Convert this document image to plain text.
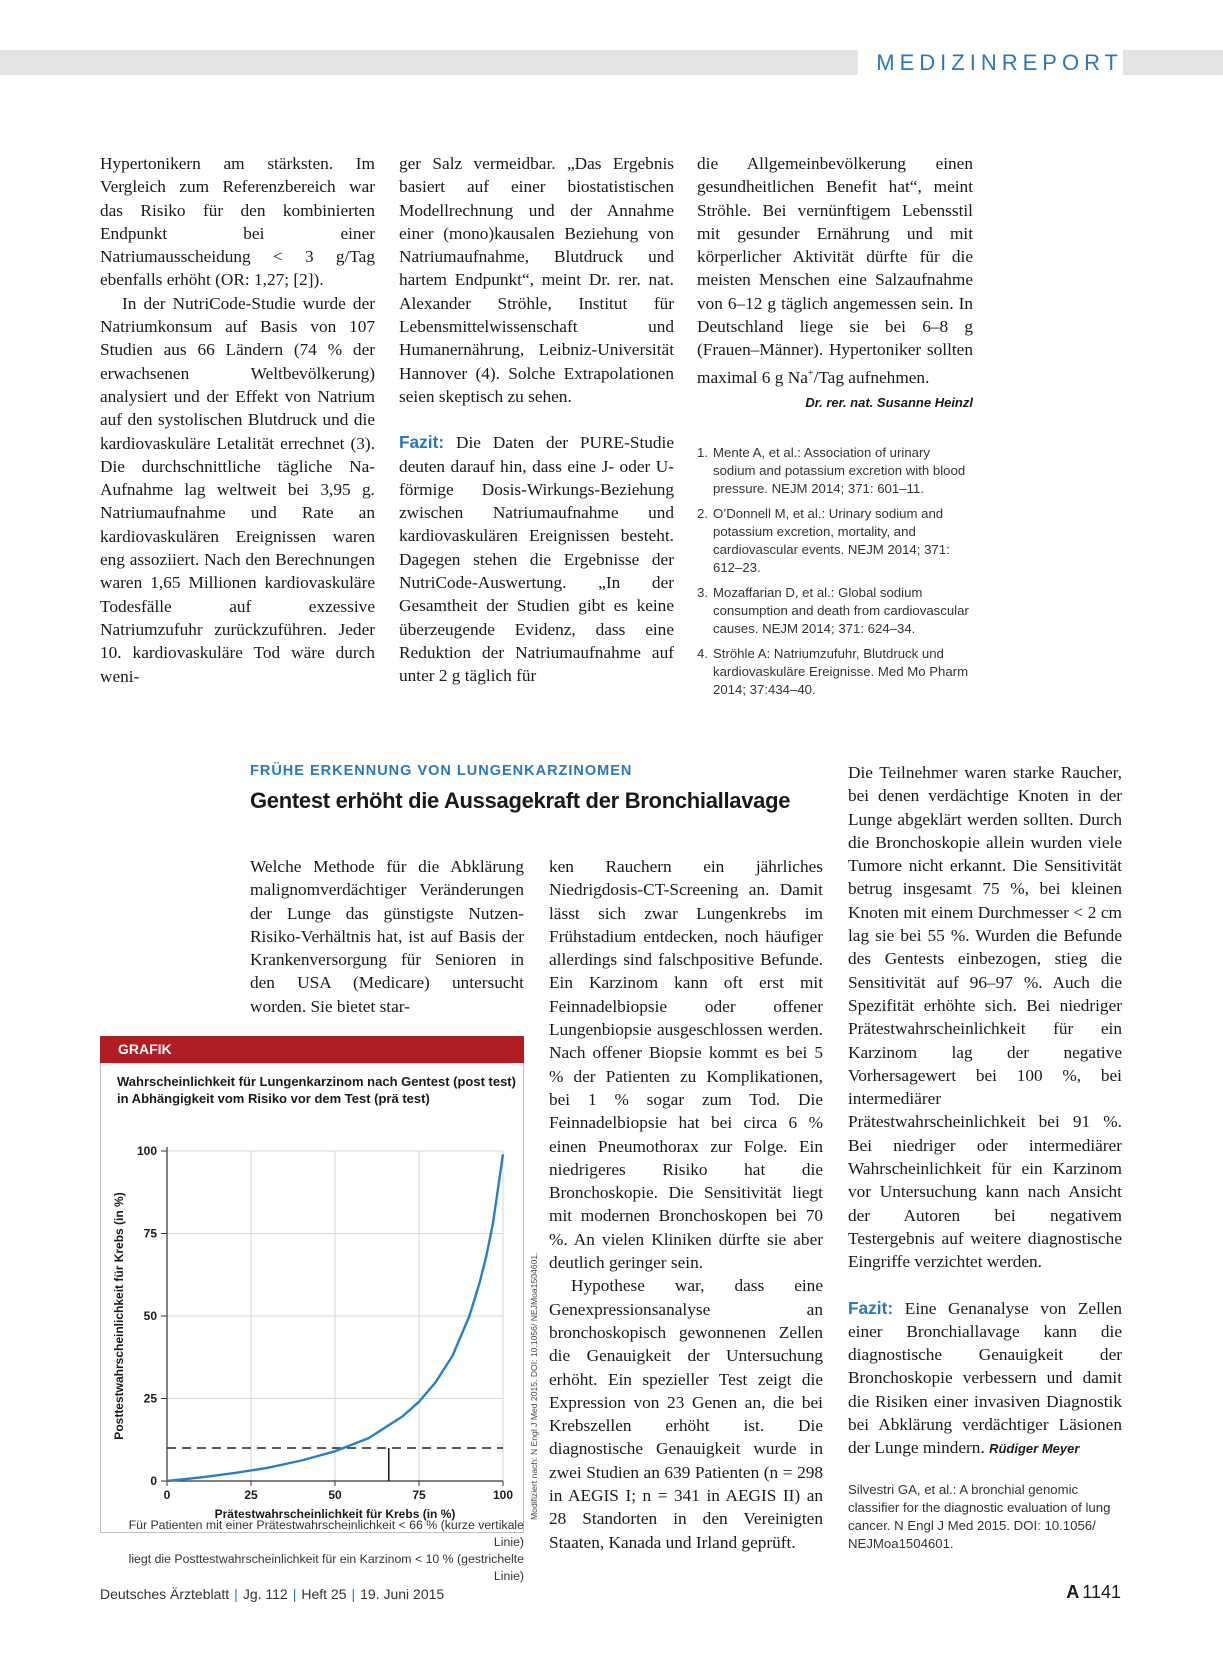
MEDIZINREPORT

Hypertonikern am stärksten. Im Vergleich zum Referenzbereich war das Risiko für den kombinierten Endpunkt bei einer Natriumausscheidung < 3 g/Tag ebenfalls erhöht (OR: 1,27; [2]).

In der NutriCode-Studie wurde der Natriumkonsum auf Basis von 107 Studien aus 66 Ländern (74 % der erwachsenen Weltbevölkerung) analysiert und der Effekt von Natrium auf den systolischen Blutdruck und die kardiovaskuläre Letalität errechnet (3). Die durchschnittliche tägliche Na-Aufnahme lag weltweit bei 3,95 g. Natriumaufnahme und Rate an kardiovaskulären Ereignissen waren eng assoziiert. Nach den Berechnungen waren 1,65 Millionen kardiovaskuläre Todesfälle auf exzessive Natriumzufuhr zurückzuführen. Jeder 10. kardiovaskuläre Tod wäre durch weni-

ger Salz vermeidbar. „Das Ergebnis basiert auf einer biostatistischen Modellrechnung und der Annahme einer (mono)kausalen Beziehung von Natriumaufnahme, Blutdruck und hartem Endpunkt“, meint Dr. rer. nat. Alexander Ströhle, Institut für Lebensmittelwissenschaft und Humanernährung, Leibniz-Universität Hannover (4). Solche Extrapolationen seien skeptisch zu sehen.

Fazit: Die Daten der PURE-Studie deuten darauf hin, dass eine J- oder U-förmige Dosis-Wirkungs-Beziehung zwischen Natriumaufnahme und kardiovaskulären Ereignissen besteht. Dagegen stehen die Ergebnisse der NutriCode-Auswertung. „In der Gesamtheit der Studien gibt es keine überzeugende Evidenz, dass eine Reduktion der Natriumaufnahme auf unter 2 g täglich für

die Allgemeinbevölkerung einen gesundheitlichen Benefit hat“, meint Ströhle. Bei vernünftigem Lebensstil mit gesunder Ernährung und mit körperlicher Aktivität dürfte für die meisten Menschen eine Salzaufnahme von 6–12 g täglich angemessen sein. In Deutschland liege sie bei 6–8 g (Frauen–Männer). Hypertoniker sollten maximal 6 g Na+/Tag aufnehmen.

Dr. rer. nat. Susanne Heinzl
1. Mente A, et al.: Association of urinary sodium and potassium excretion with blood pressure. NEJM 2014; 371: 601–11.
2. O’Donnell M, et al.: Urinary sodium and potassium excretion, mortality, and cardiovascular events. NEJM 2014; 371: 612–23.
3. Mozaffarian D, et al.: Global sodium consumption and death from cardiovascular causes. NEJM 2014; 371: 624–34.
4. Ströhle A: Natriumzufuhr, Blutdruck und kardiovaskuläre Ereignisse. Med Mo Pharm 2014; 37:434–40.
FRÜHE ERKENNUNG VON LUNGENKARZINOMEN
Gentest erhöht die Aussagekraft der Bronchiallavage

Welche Methode für die Abklärung malignomverdächtiger Veränderungen der Lunge das günstigste Nutzen-Risiko-Verhältnis hat, ist auf Basis der Krankenversorgung für Senioren in den USA (Medicare) untersucht worden. Sie bietet star-

ken Rauchern ein jährliches Niedrigdosis-CT-Screening an. Damit lässt sich zwar Lungenkrebs im Frühstadium entdecken, noch häufiger allerdings sind falschpositive Befunde. Ein Karzinom kann oft erst mit Feinnadelbiopsie oder offener Lungenbiopsie ausgeschlossen werden. Nach offener Biopsie kommt es bei 5 % der Patienten zu Komplikationen, bei 1 % sogar zum Tod. Die Feinnadelbiopsie hat bei circa 6 % einen Pneumothorax zur Folge. Ein niedrigeres Risiko hat die Bronchoskopie. Die Sensitivität liegt mit modernen Bronchoskopen bei 70 %. An vielen Kliniken dürfte sie aber deutlich geringer sein.

Hypothese war, dass eine Genexpressionsanalyse an bronchoskopisch gewonnenen Zellen die Genauigkeit der Untersuchung erhöht. Ein spezieller Test zeigt die Expression von 23 Genen an, die bei Krebszellen erhöht ist. Die diagnostische Genauigkeit wurde in zwei Studien an 639 Patienten (n = 298 in AEGIS I; n = 341 in AEGIS II) an 28 Standorten in den Vereinigten Staaten, Kanada und Irland geprüft.

Die Teilnehmer waren starke Raucher, bei denen verdächtige Knoten in der Lunge abgeklärt werden sollten. Durch die Bronchoskopie allein wurden viele Tumore nicht erkannt. Die Sensitivität betrug insgesamt 75 %, bei kleinen Knoten mit einem Durchmesser < 2 cm lag sie bei 55 %. Wurden die Befunde des Gentests einbezogen, stieg die Sensitivität auf 96–97 %. Auch die Spezifität erhöhte sich. Bei niedriger Prätestwahrscheinlichkeit für ein Karzinom lag der negative Vorhersagewert bei 100 %, bei intermediärer Prätestwahrscheinlichkeit bei 91 %. Bei niedriger oder intermediärer Wahrscheinlichkeit für ein Karzinom vor Untersuchung kann nach Ansicht der Autoren bei negativem Testergebnis auf weitere diagnostische Eingriffe verzichtet werden.

Fazit: Eine Genanalyse von Zellen einer Bronchiallavage kann die diagnostische Genauigkeit der Bronchoskopie verbessern und damit die Risiken einer invasiven Diagnostik bei Abklärung verdächtiger Läsionen der Lunge mindern. Rüdiger Meyer

GRAFIK
Wahrscheinlichkeit für Lungenkarzinom nach Gentest (post test) in Abhängigkeit vom Risiko vor dem Test (prä test)
0
25
50
75
100
0	25	50	75	100
Prätestwahrscheinlichkeit für Krebs (in %)
Posttestwahrscheinlichkeit für Krebs (in %)
Für Patienten mit einer Prätestwahrscheinlichkeit < 66 % (kurze vertikale Linie)
liegt die Posttestwahrscheinlichkeit für ein Karzinom < 10 % (gestrichelte Linie)
Modifiziert nach: N Engl J Med 2015. DOI: 10.1056/ NEJMoa1504601.	Silvestri GA, et al.: A bronchial genomic classifier for the diagnostic evaluation of lung cancer. N Engl J Med 2015. DOI: 10.1056/ NEJMoa1504601.

Deutsches Ärzteblatt | Jg. 112 | Heft 25 | 19. Juni 2015	A 1141
